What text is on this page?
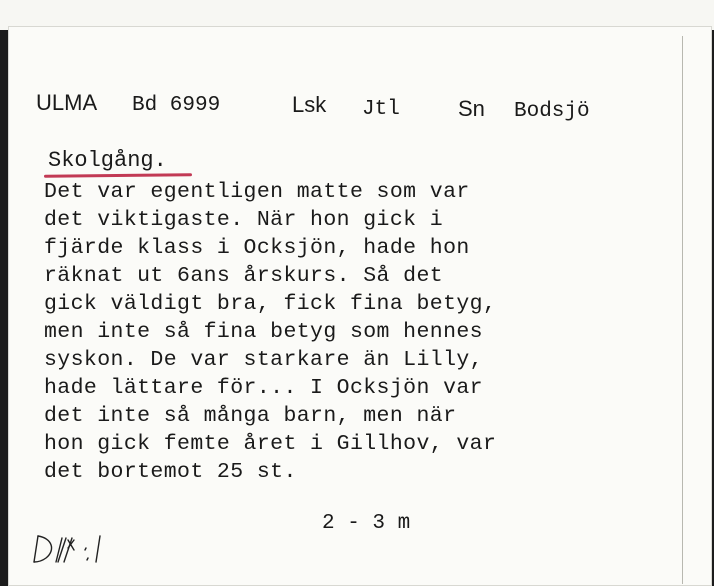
ULMA Bd 6999	Lsk Jtl	Sn Bodsjö
Skolgång.
Det var egentligen matte som var
det viktigaste. När hon gick i
fjärde klass i Ocksjön, hade hon
räknat ut 6ans årskurs. Så det
gick väldigt bra, fick fina betyg,
men inte så fina betyg som hennes
syskon. De var starkare än Lilly,
hade lättare för... I Ocksjön var
det inte så många barn, men när
hon gick femte året i Gillhov, var
det bortemot 25 st.
2 - 3 m
